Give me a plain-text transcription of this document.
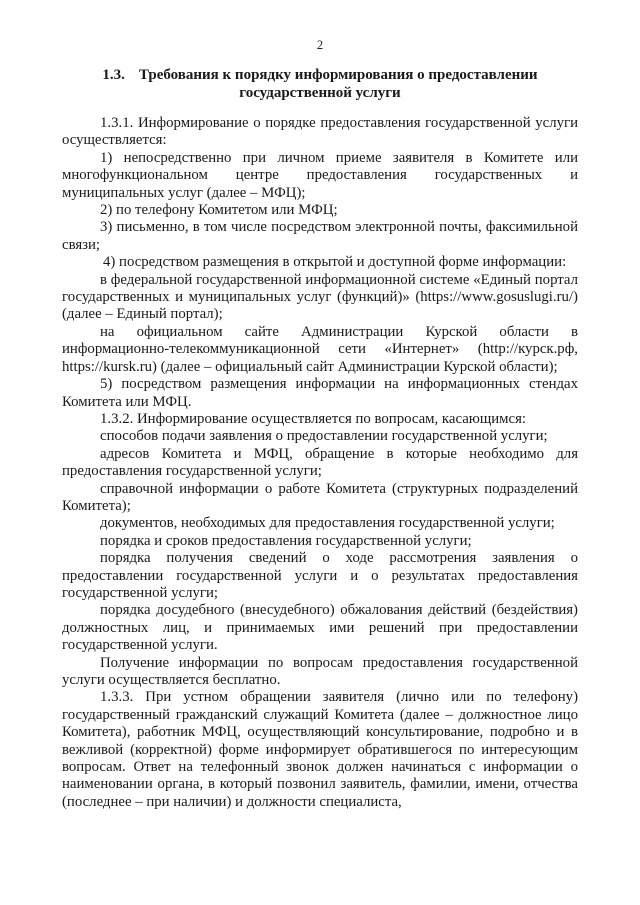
2
1.3. Требования к порядку информирования о предоставлении государственной услуги

1.3.1. Информирование о порядке предоставления государственной услуги осуществляется:

1) непосредственно при личном приеме заявителя в Комитете или многофункциональном центре предоставления государственных и муниципальных услуг (далее – МФЦ);

2) по телефону Комитетом или МФЦ;

3) письменно, в том числе посредством электронной почты, факсимильной связи;

4) посредством размещения в открытой и доступной форме информации:

в федеральной государственной информационной системе «Единый портал государственных и муниципальных услуг (функций)» (https://www.gosuslugi.ru/) (далее – Единый портал);

на официальном сайте Администрации Курской области в информационно-телекоммуникационной сети «Интернет» (http://курск.рф, https://kursk.ru) (далее – официальный сайт Администрации Курской области);

5) посредством размещения информации на информационных стендах Комитета или МФЦ.

1.3.2. Информирование осуществляется по вопросам, касающимся:

способов подачи заявления о предоставлении государственной услуги;

адресов Комитета и МФЦ, обращение в которые необходимо для предоставления государственной услуги;

справочной информации о работе Комитета (структурных подразделений Комитета);

документов, необходимых для предоставления государственной услуги;

порядка и сроков предоставления государственной услуги;

порядка получения сведений о ходе рассмотрения заявления о предоставлении государственной услуги и о результатах предоставления государственной услуги;

порядка досудебного (внесудебного) обжалования действий (бездействия) должностных лиц, и принимаемых ими решений при предоставлении государственной услуги.

Получение информации по вопросам предоставления государственной услуги осуществляется бесплатно.

1.3.3. При устном обращении заявителя (лично или по телефону) государственный гражданский служащий Комитета (далее – должностное лицо Комитета), работник МФЦ, осуществляющий консультирование, подробно и в вежливой (корректной) форме информирует обратившегося по интересующим вопросам. Ответ на телефонный звонок должен начинаться с информации о наименовании органа, в который позвонил заявитель, фамилии, имени, отчества (последнее – при наличии) и должности специалиста,
